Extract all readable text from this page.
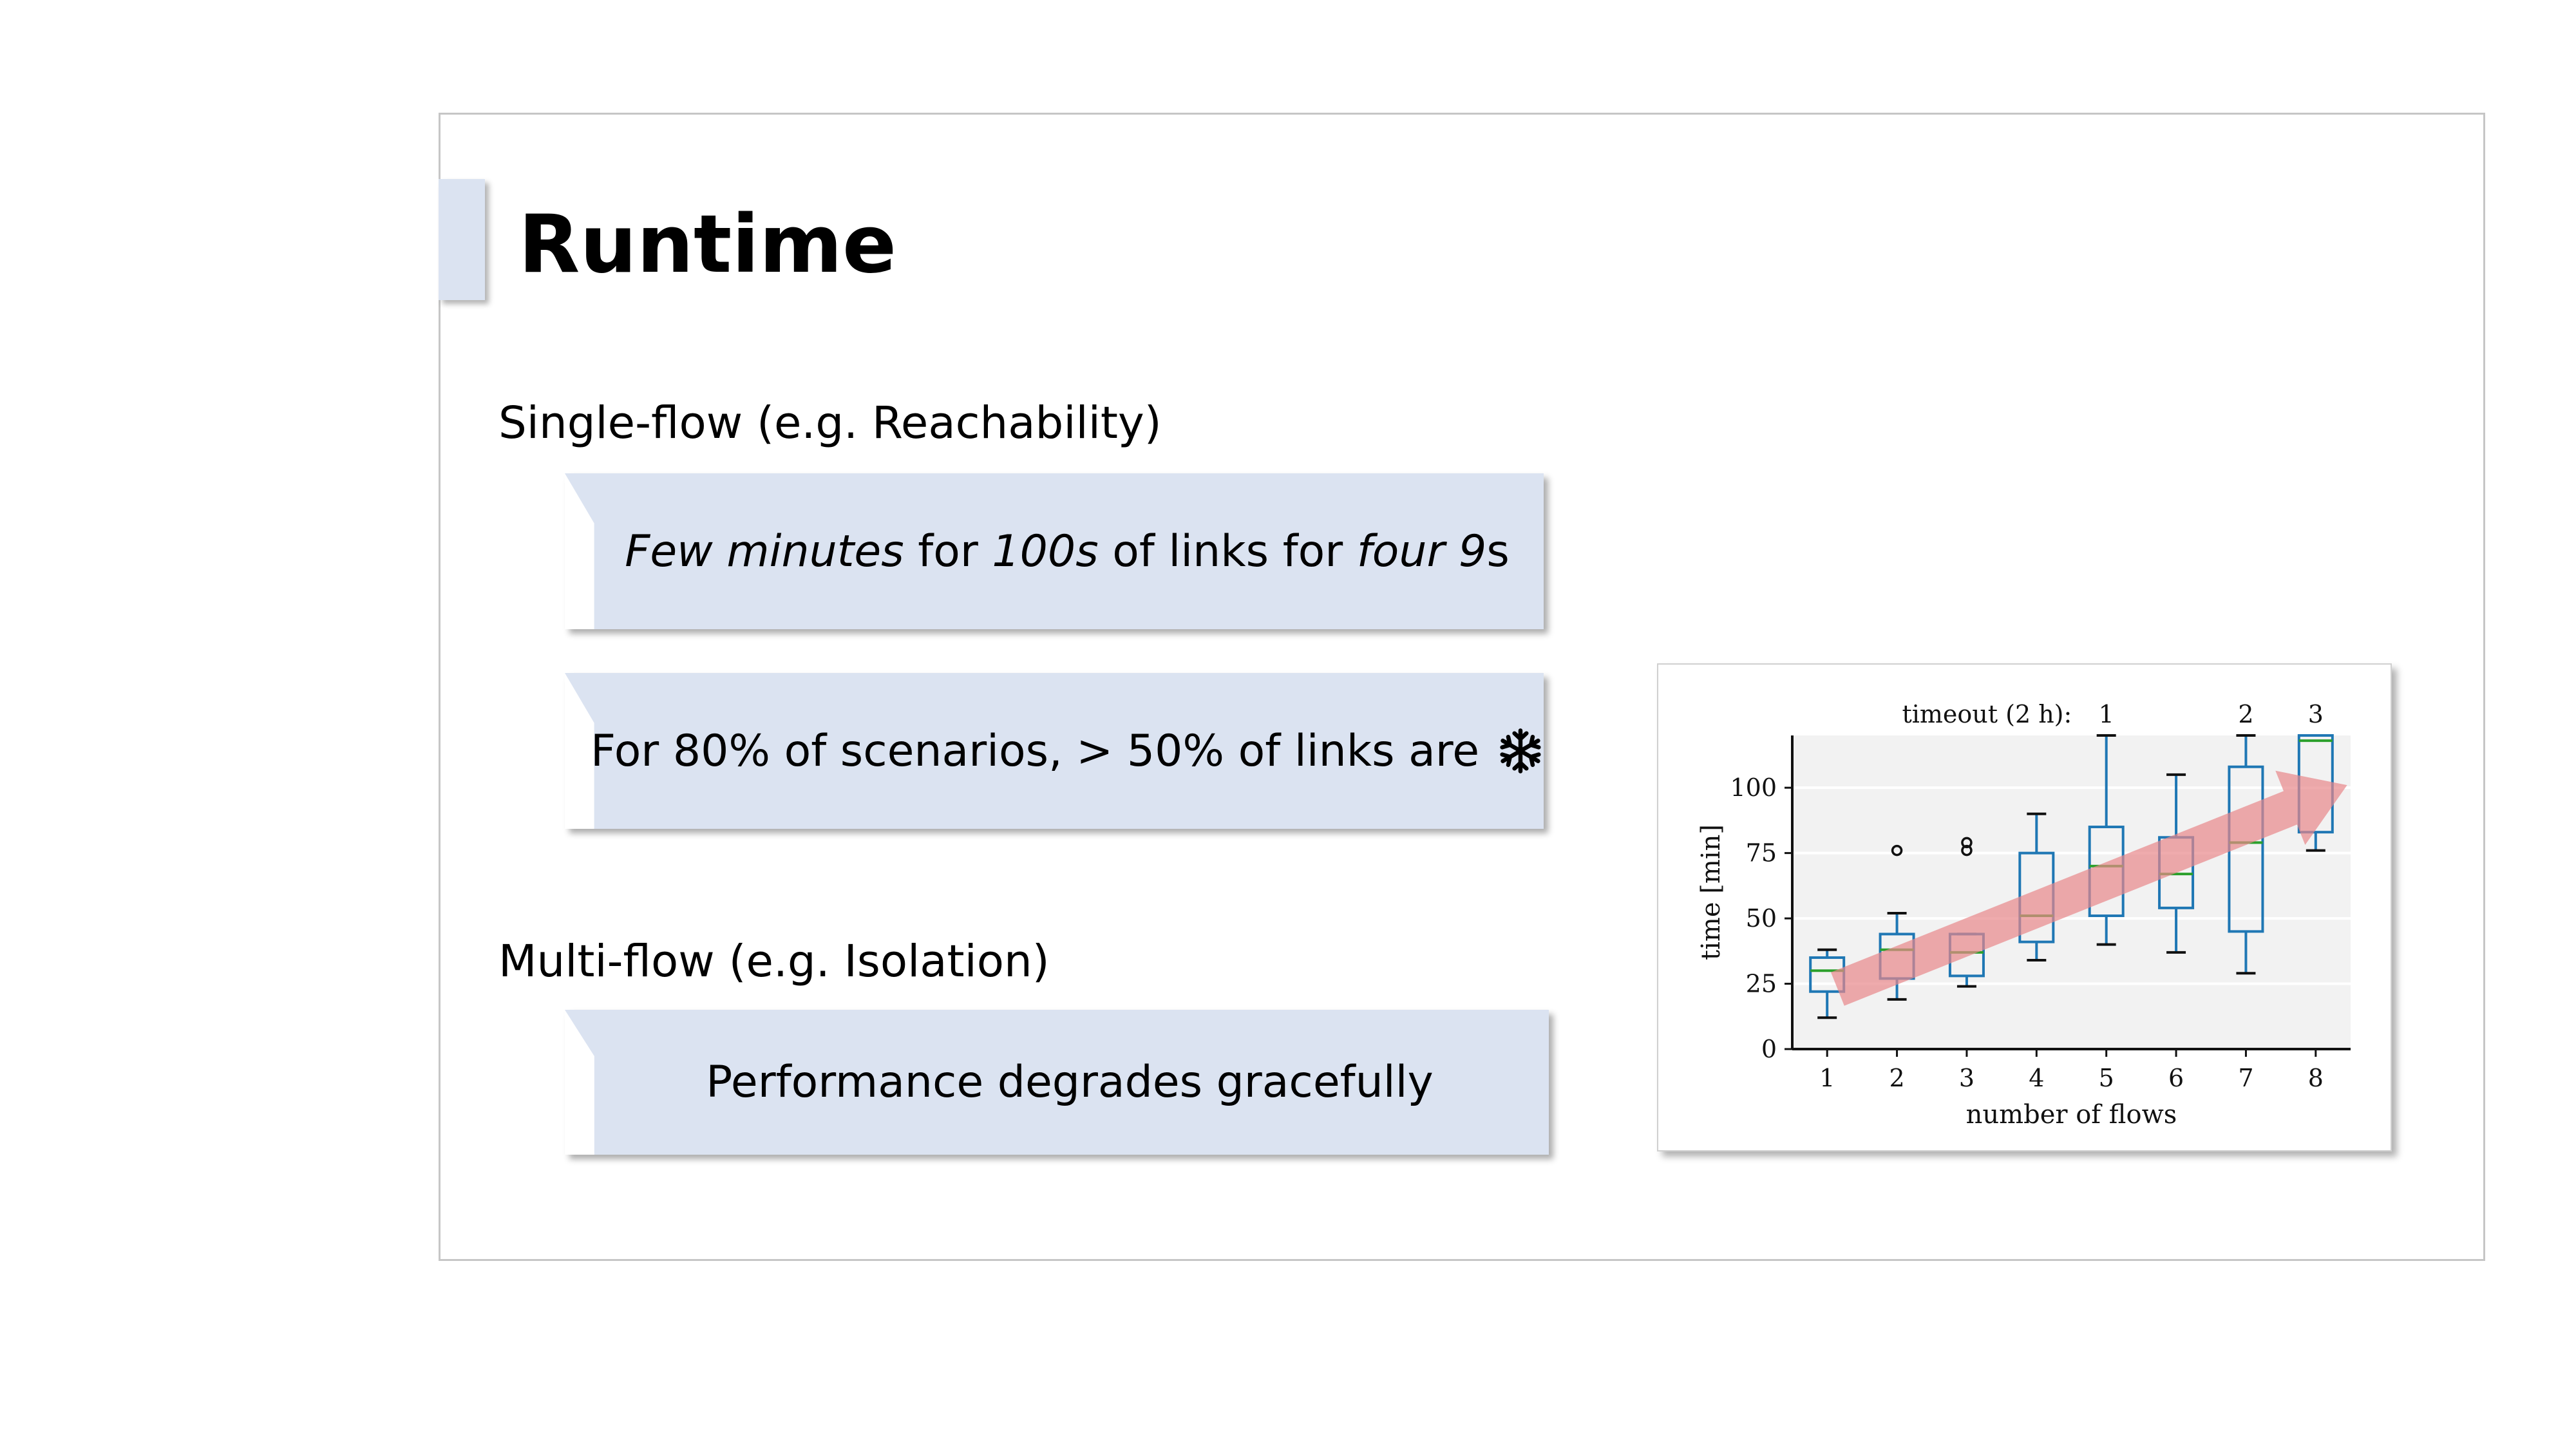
Runtime
Single-flow (e.g. Reachability)
Few minutes for 100s of links for four 9s
For 80% of scenarios, > 50% of links are
Multi-flow (e.g. Isolation)
Performance degrades gracefully
0
25
50
75
100
1 2 3 4 5 6 7 8
number of flows
time [min]
timeout (2 h): 1	2 3
